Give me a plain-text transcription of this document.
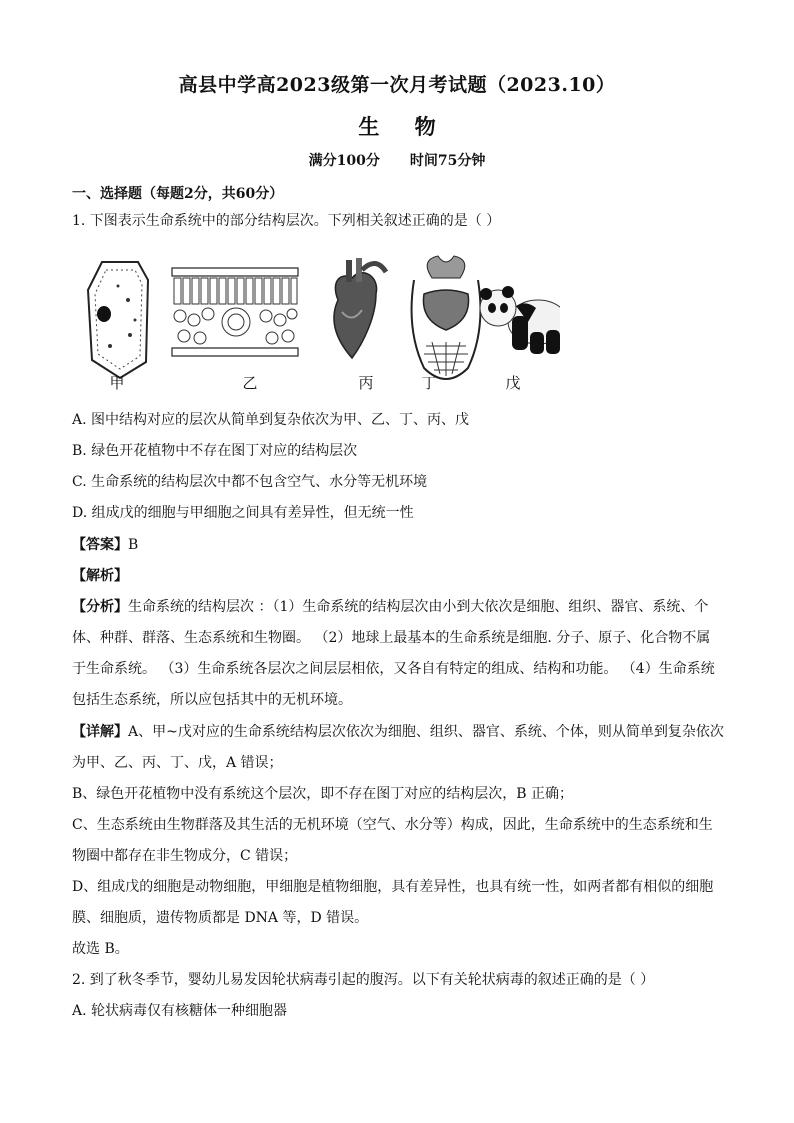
高县中学高2023级第一次月考试题（2023.10）
生 物
满分100分 时间75分钟
一、选择题（每题2分，共60分）
1. 下图表示生命系统中的部分结构层次。下列相关叙述正确的是（ ）
甲	乙	丙	丁	戊
A. 图中结构对应的层次从简单到复杂依次为甲、乙、丁、丙、戊
B. 绿色开花植物中不存在图丁对应的结构层次
C. 生命系统的结构层次中都不包含空气、水分等无机环境
D. 组成戊的细胞与甲细胞之间具有差异性，但无统一性
【答案】B
【解析】
【分析】生命系统的结构层次 ：（1）生命系统的结构层次由小到大依次是细胞、组织、器官、系统、个
体、种群、群落、生态系统和生物圈。 （2）地球上最基本的生命系统是细胞. 分子、原子、化合物不属
于生命系统。 （3）生命系统各层次之间层层相依，又各自有特定的组成、结构和功能。 （4）生命系统
包括生态系统，所以应包括其中的无机环境。
【详解】A、甲~戊对应的生命系统结构层次依次为细胞、组织、器官、系统、个体，则从简单到复杂依次
为甲、乙、丙、丁、戊，A 错误；
B、绿色开花植物中没有系统这个层次，即不存在图丁对应的结构层次，B 正确；
C、生态系统由生物群落及其生活的无机环境（空气、水分等）构成，因此，生命系统中的生态系统和生
物圈中都存在非生物成分，C 错误；
D、组成戊的细胞是动物细胞，甲细胞是植物细胞，具有差异性，也具有统一性，如两者都有相似的细胞
膜、细胞质，遗传物质都是 DNA 等，D 错误。
故选 B。
2. 到了秋冬季节，婴幼儿易发因轮状病毒引起的腹泻。以下有关轮状病毒的叙述正确的是（ ）
A. 轮状病毒仅有核糖体一种细胞器
